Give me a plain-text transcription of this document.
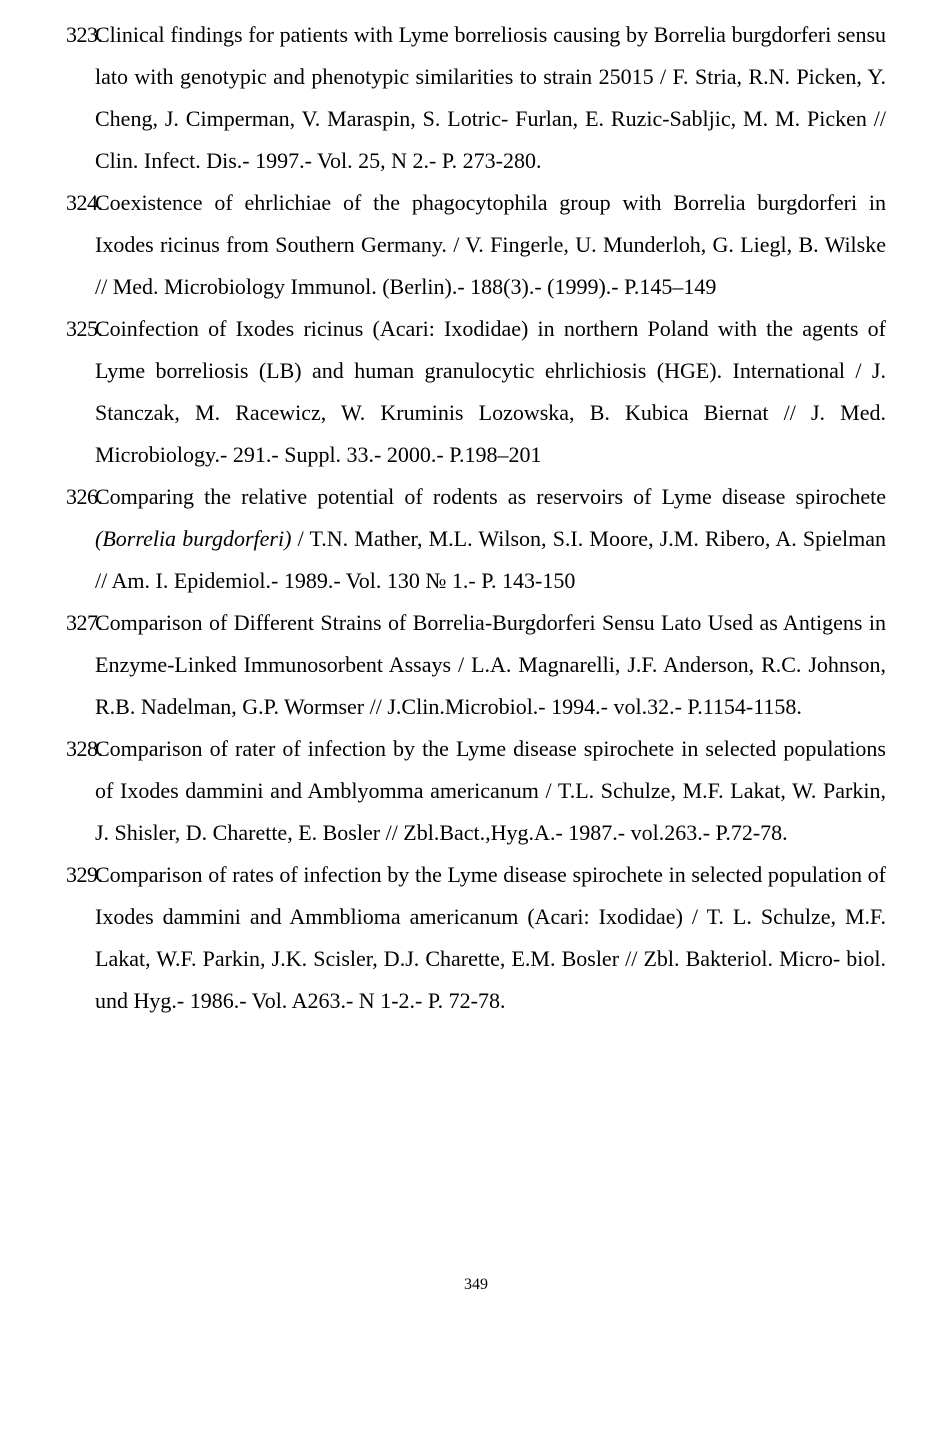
323.
Clinical findings for patients with Lyme borreliosis causing by Borrelia burgdorferi sensu lato with genotypic and phenotypic similarities to strain 25015 / F. Stria, R.N. Picken, Y. Cheng, J. Cimperman, V. Maraspin, S. Lotric- Furlan, E. Ruzic-Sabljic, M. M. Picken // Clin. Infect. Dis.- 1997.- Vol. 25, N 2.- P. 273-280.
324.
Coexistence of ehrlichiae of the phagocytophila group with Borrelia burgdorferi in Ixodes ricinus from Southern Germany. / V. Fingerle, U. Munderloh, G. Liegl, B. Wilske // Med. Microbiology Immunol. (Berlin).- 188(3).- (1999).- P.145–149
325.
Coinfection of Ixodes ricinus (Acari: Ixodidae) in northern Poland with the agents of Lyme borreliosis (LB) and human granulocytic ehrlichiosis (HGE). International / J. Stanczak, M. Racewicz, W. Kruminis Lozowska, B. Kubica Biernat // J. Med. Microbiology.- 291.- Suppl. 33.- 2000.- P.198–201
326.
Comparing the relative potential of rodents as reservoirs of Lyme disease spirochete (Borrelia burgdorferi) / T.N. Mather, M.L. Wilson, S.I. Moore, J.M. Ribero, A. Spielman // Am. I. Epidemiol.- 1989.- Vol. 130 № 1.- P. 143-150
327.
Comparison of Different Strains of Borrelia-Burgdorferi Sensu Lato Used as Antigens in Enzyme-Linked Immunosorbent Assays / L.A. Magnarelli, J.F. Anderson, R.C. Johnson, R.B. Nadelman, G.P. Wormser // J.Clin.Microbiol.- 1994.- vol.32.- P.1154-1158.
328.
Comparison of rater of infection by the Lyme disease spirochete in selected populations of Ixodes dammini and Amblyomma americanum / T.L. Schulze, M.F. Lakat, W. Parkin, J. Shisler, D. Charette, E. Bosler // Zbl.Bact.,Hyg.A.- 1987.- vol.263.- P.72-78.
329.
Comparison of rates of infection by the Lyme disease spirochete in selected population of Ixodes dammini and Ammblioma americanum (Acari: Ixodidae) / T. L. Schulze, M.F. Lakat, W.F. Parkin, J.K. Scisler, D.J. Charette, E.M. Bosler // Zbl. Bakteriol. Micro- biol. und Hyg.- 1986.- Vol. A263.- N 1-2.- P. 72-78.
349
